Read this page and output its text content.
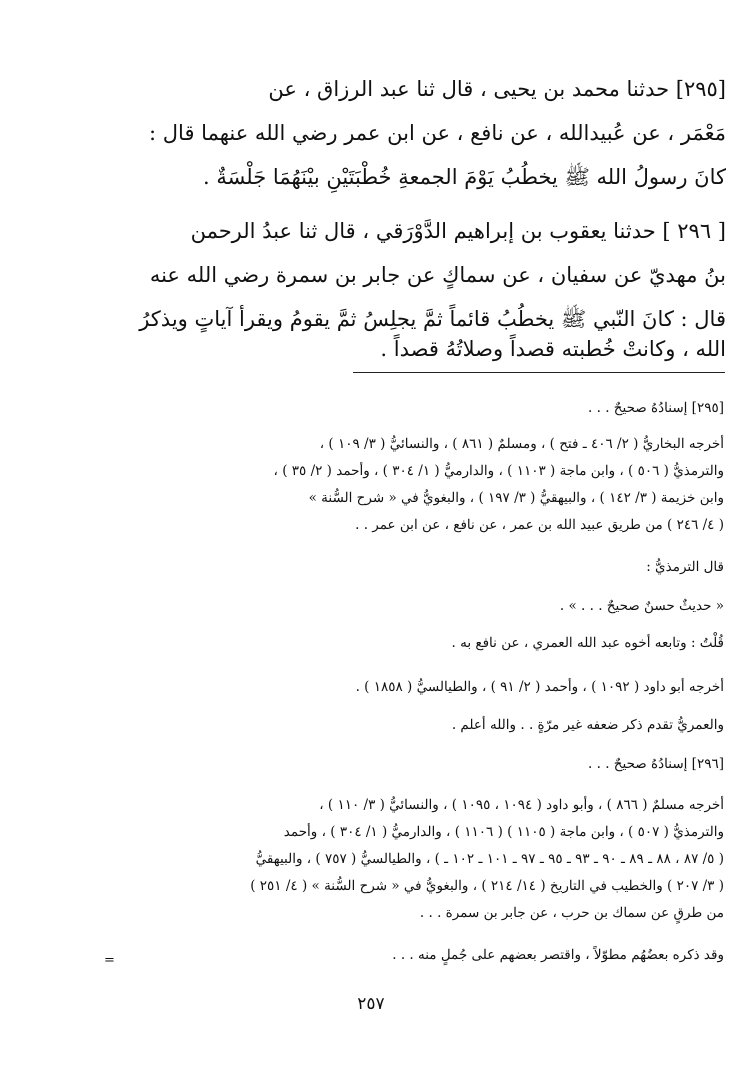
[٢٩٥] حدثنا محمد بن يحيى ، قال ثنا عبد الرزاق ، عن
مَعْمَر ، عن عُبيدالله ، عن نافع ، عن ابن عمر رضي الله عنهما قال :
كانَ رسولُ الله ﷺ يخطُبُ يَوْمَ الجمعةِ خُطْبَتَيْنِ بيْنَهُمَا جَلْسَةٌ .
[ ٢٩٦ ] حدثنا يعقوب بن إبراهيم الدَّوْرَقي ، قال ثنا عبدُ الرحمن
بنُ مهديّ عن سفيان ، عن سماكٍ عن جابر بن سمرة رضي الله عنه
قال : كانَ النّبي ﷺ يخطُبُ قائماً ثمَّ يجلِسُ ثمَّ يقومُ ويقرأ آياتٍ ويذكرُ
الله ، وكانتْ خُطبته قصداً وصلاتُهُ قصداً .
[٢٩٥] إسنادُهُ صحيحٌ . . .
أخرجه البخاريُّ ( ٢/ ٤٠٦ ـ فتح ) ، ومسلمٌ ( ٨٦١ ) ، والنسائيُّ ( ٣/ ١٠٩ ) ،
والترمذيُّ ( ٥٠٦ ) ، وابن ماجة ( ١١٠٣ ) ، والدارميُّ ( ١/ ٣٠٤ ) ، وأحمد ( ٢/ ٣٥ ) ،
وابن خزيمة ( ٣/ ١٤٢ ) ، والبيهقيُّ ( ٣/ ١٩٧ ) ، والبغويُّ في « شرح السُّنة »
( ٤/ ٢٤٦ ) من طريق عبيد الله بن عمر ، عن نافع ، عن ابن عمر . .
قال الترمذيُّ :
« حديثٌ حسنٌ صحيحٌ . . . » .
قُلْتُ : وتابعه أخوه عبد الله العمري ، عن نافع به .
أخرجه أبو داود ( ١٠٩٢ ) ، وأحمد ( ٢/ ٩١ ) ، والطيالسيُّ ( ١٨٥٨ ) .
والعمريُّ تقدم ذكر ضعفه غير مرّةٍ . . والله أعلم .
[٢٩٦] إسنادُهُ صحيحٌ . . .
أخرجه مسلمٌ ( ٨٦٦ ) ، وأبو داود ( ١٠٩٤ ، ١٠٩٥ ) ، والنسائيُّ ( ٣/ ١١٠ ) ،
والترمذيُّ ( ٥٠٧ ) ، وابن ماجة ( ١١٠٥ ) ( ١١٠٦ ) ، والدارميُّ ( ١/ ٣٠٤ ) ، وأحمد
( ٥/ ٨٧ ، ٨٨ ـ ٨٩ ـ ٩٠ ـ ٩٣ ـ ٩٥ ـ ٩٧ ـ ١٠١ ـ ١٠٢ ـ ) ، والطيالسيُّ ( ٧٥٧ ) ، والبيهقيُّ
( ٣/ ٢٠٧ ) والخطيب في التاريخ ( ١٤/ ٢١٤ ) ، والبغويُّ في « شرح السُّنة » ( ٤/ ٢٥١ )
من طرقٍ عن سماك بن حرب ، عن جابر بن سمرة . . .
وقد ذكره بعضُهُم مطوّلاً ، واقتصر بعضهم على جُملٍ منه . . .
=
٢٥٧
